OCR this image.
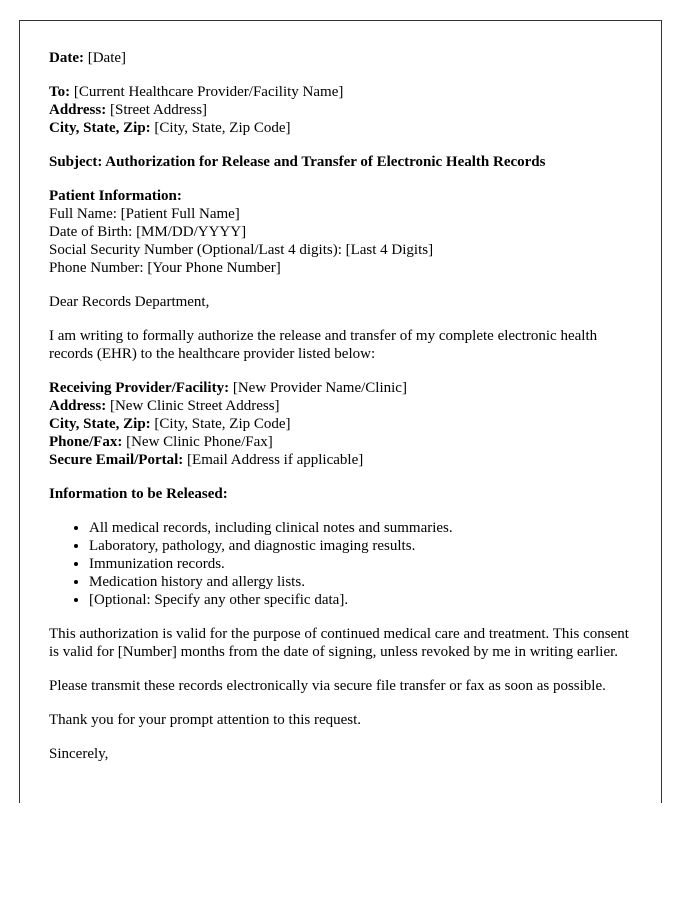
Date: [Date]

To: [Current Healthcare Provider/Facility Name]
Address: [Street Address]
City, State, Zip: [City, State, Zip Code]

Subject: Authorization for Release and Transfer of Electronic Health Records

Patient Information:
Full Name: [Patient Full Name]
Date of Birth: [MM/DD/YYYY]
Social Security Number (Optional/Last 4 digits): [Last 4 Digits]
Phone Number: [Your Phone Number]

Dear Records Department,

I am writing to formally authorize the release and transfer of my complete electronic health records (EHR) to the healthcare provider listed below:

Receiving Provider/Facility: [New Provider Name/Clinic]
Address: [New Clinic Street Address]
City, State, Zip: [City, State, Zip Code]
Phone/Fax: [New Clinic Phone/Fax]
Secure Email/Portal: [Email Address if applicable]

Information to be Released:

• All medical records, including clinical notes and summaries.
• Laboratory, pathology, and diagnostic imaging results.
• Immunization records.
• Medication history and allergy lists.
• [Optional: Specify any other specific data].

This authorization is valid for the purpose of continued medical care and treatment. This consent is valid for [Number] months from the date of signing, unless revoked by me in writing earlier.

Please transmit these records electronically via secure file transfer or fax as soon as possible.

Thank you for your prompt attention to this request.

Sincerely,
